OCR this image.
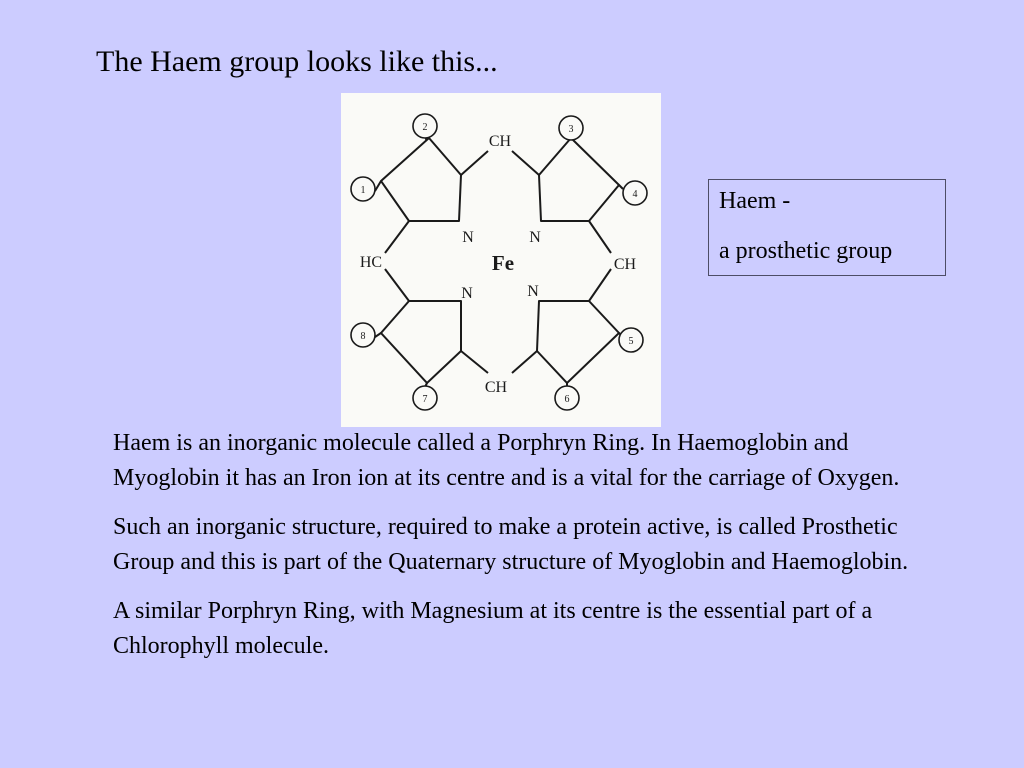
The Haem group looks like this...
1
2	3
4
5
6
7
8
CH
HC	CH
CH
N	N
N	N
Fe
Haem -
a prosthetic group

Haem is an inorganic molecule called a Porphryn Ring. In Haemoglobin and Myoglobin it has an Iron ion at its centre and is a vital for the carriage of Oxygen.

Such an inorganic structure, required to make a protein active, is called Prosthetic Group and this is part of the Quaternary structure of Myoglobin and Haemoglobin.

A similar Porphryn Ring, with Magnesium at its centre is the essential part of a Chlorophyll molecule.
